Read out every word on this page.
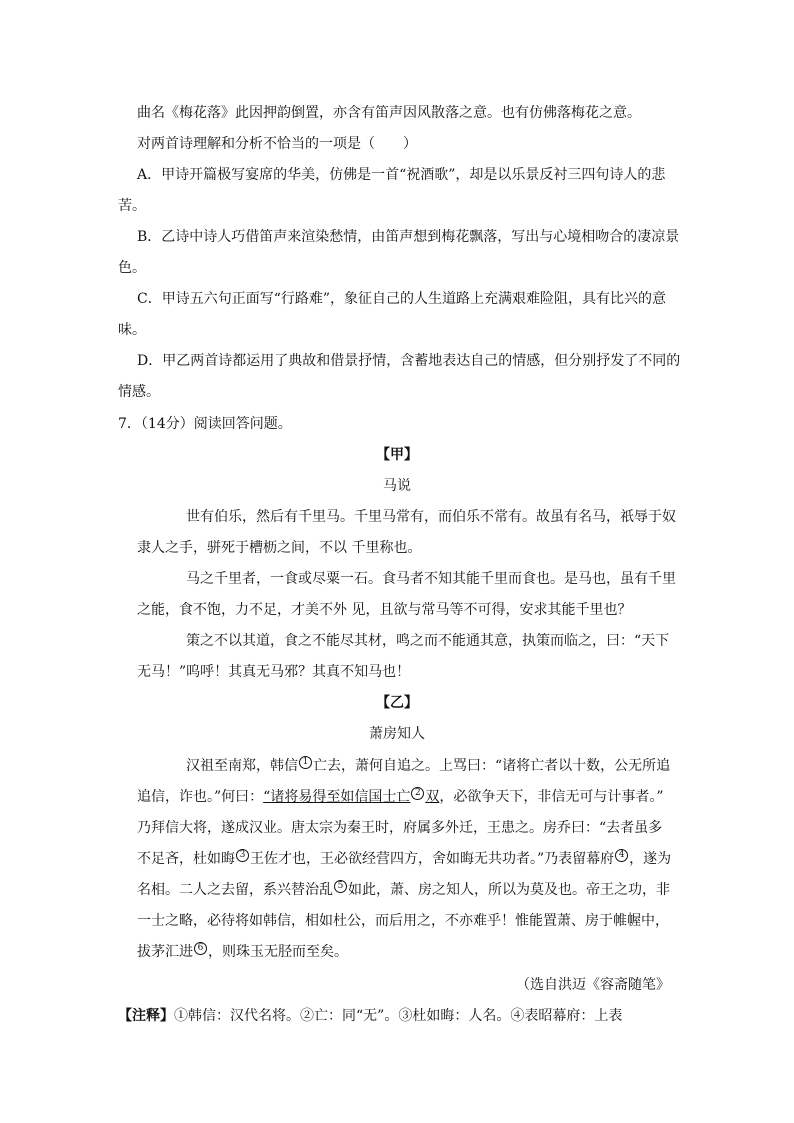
曲名《梅花落》此因押韵倒置，亦含有笛声因风散落之意。也有仿佛落梅花之意。
对两首诗理解和分析不恰当的一项是（　　）
A．甲诗开篇极写宴席的华美，仿佛是一首“祝酒歌”，却是以乐景反衬三四句诗人的悲
苦。
B．乙诗中诗人巧借笛声来渲染愁情，由笛声想到梅花飘落，写出与心境相吻合的凄凉景
色。
C．甲诗五六句正面写“行路难”，象征自己的人生道路上充满艰难险阻，具有比兴的意
味。
D．甲乙两首诗都运用了典故和借景抒情，含蓄地表达自己的情感，但分别抒发了不同的
情感。
7．（14分）阅读回答问题。
【甲】
马说
世有伯乐，然后有千里马。千里马常有，而伯乐不常有。故虽有名马，祇辱于奴
隶人之手，骈死于槽枥之间，不以 千里称也。
马之千里者，一食或尽粟一石。食马者不知其能千里而食也。是马也，虽有千里
之能，食不饱，力不足，才美不外 见，且欲与常马等不可得，安求其能千里也？
策之不以其道，食之不能尽其材，鸣之而不能通其意，执策而临之，曰：“天下
无马！”呜呼！其真无马邪？其真不知马也！
【乙】
萧房知人
汉祖至南郑，韩信 $^1$ 亡去，萧何自追之。上骂曰：“诸将亡者以十数，公无所追
追信，诈也。”何曰：“诸将易得至如信国士亡 $^2$ 双，必欲争天下，非信无可与计事者。”
乃拜信大将，遂成汉业。唐太宗为秦王时，府属多外迁，王患之。房乔曰：“去者虽多
不足吝，杜如晦 $^3$ 王佐才也，王必欲经营四方，舍如晦无共功者。”乃表留幕府 $^4$ ，遂为
名相。二人之去留，系兴替治乱 $^5$ 如此，萧、房之知人，所以为莫及也。帝王之功，非
一士之略，必待将如韩信，相如杜公，而后用之，不亦难乎！惟能置萧、房于帷幄中，
拔茅汇进 $^6$ ，则珠玉无胫而至矣。
（选自洪迈《容斋随笔》
【注释】①韩信：汉代名将。②亡：同“无”。③杜如晦：人名。④表昭幕府：上表
